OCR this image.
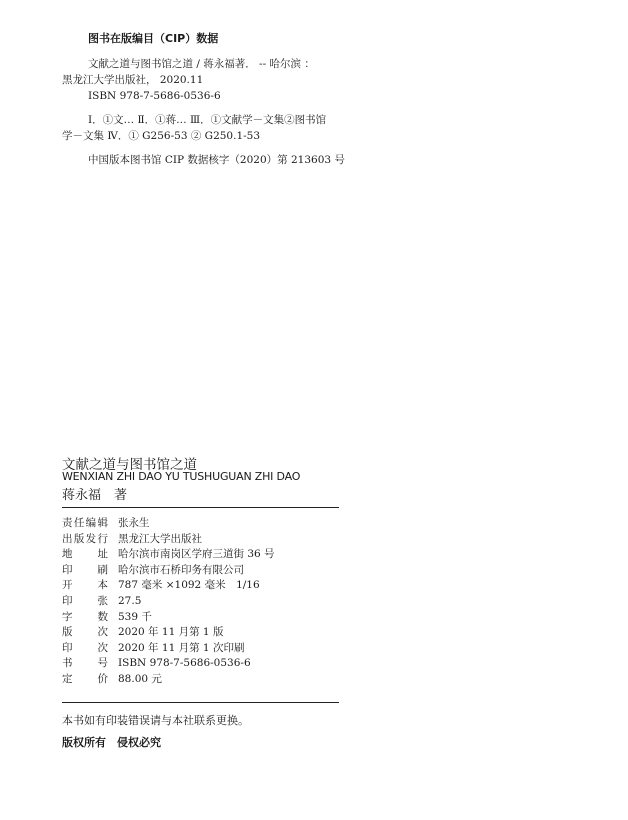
图书在版编目（CIP）数据
文献之道与图书馆之道 / 蒋永福著． -- 哈尔滨 ：
黑龙江大学出版社， 2020.11
ISBN 978-7-5686-0536-6
Ⅰ．①文… Ⅱ．①蒋… Ⅲ．①文献学－文集②图书馆
学－文集 Ⅳ．① G256-53 ② G250.1-53
中国版本图书馆 CIP 数据核字（2020）第 213603 号
文献之道与图书馆之道
WENXIAN ZHI DAO YU TUSHUGUAN ZHI DAO
蒋永福　著
责任编辑 张永生
出版发行 黑龙江大学出版社
地址 哈尔滨市南岗区学府三道街 36 号
印刷 哈尔滨市石桥印务有限公司
开本 787 毫米 ×1092 毫米　1/16
印张 27.5
字数 539 千
版次 2020 年 11 月第 1 版
印次 2020 年 11 月第 1 次印刷
书号 ISBN 978-7-5686-0536-6
定价 88.00 元
本书如有印装错误请与本社联系更换。
版权所有　侵权必究
